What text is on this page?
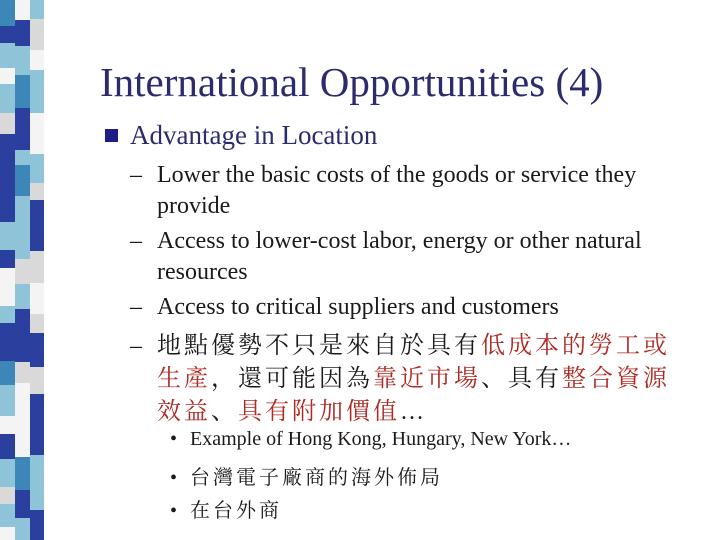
International Opportunities (4)
Advantage in Location
– Lower the basic costs of the goods or service they provide
– Access to lower-cost labor, energy or other natural resources
– Access to critical suppliers and customers
– 地點優勢不只是來自於具有低成本的勞工或生產，還可能因為靠近市場、具有整合資源效益、具有附加價值…
• Example of Hong Kong, Hungary, New York…
• 台灣電子廠商的海外佈局
• 在台外商
